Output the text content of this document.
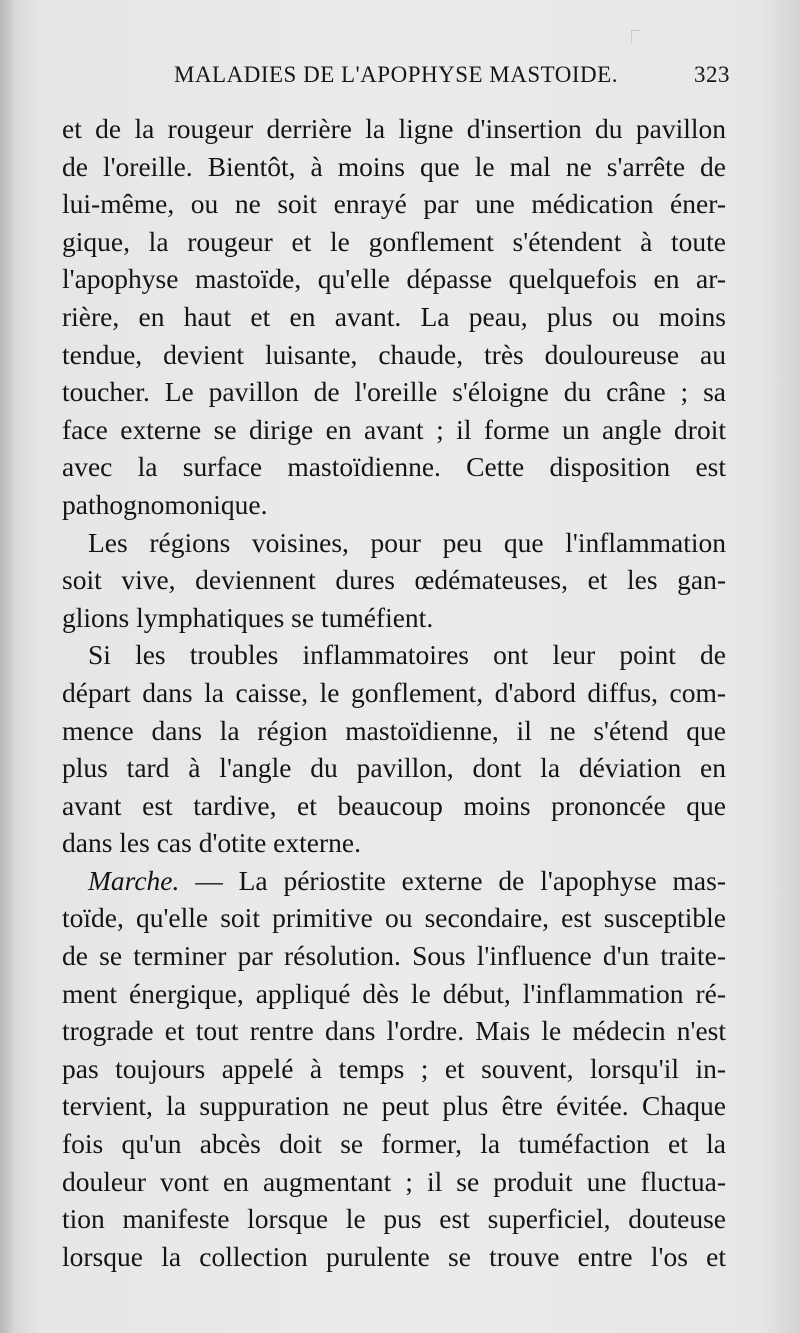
MALADIES DE L'APOPHYSE MASTOIDE.	323
et de la rougeur derrière la ligne d'insertion du pavillon
de l'oreille. Bientôt, à moins que le mal ne s'arrête de
lui-même, ou ne soit enrayé par une médication éner-
gique, la rougeur et le gonflement s'étendent à toute
l'apophyse mastoïde, qu'elle dépasse quelquefois en ar-
rière, en haut et en avant. La peau, plus ou moins
tendue, devient luisante, chaude, très douloureuse au
toucher. Le pavillon de l'oreille s'éloigne du crâne ; sa
face externe se dirige en avant ; il forme un angle droit
avec la surface mastoïdienne. Cette disposition est
pathognomonique.
Les régions voisines, pour peu que l'inflammation
soit vive, deviennent dures œdémateuses, et les gan-
glions lymphatiques se tuméfient.
Si les troubles inflammatoires ont leur point de
départ dans la caisse, le gonflement, d'abord diffus, com-
mence dans la région mastoïdienne, il ne s'étend que
plus tard à l'angle du pavillon, dont la déviation en
avant est tardive, et beaucoup moins prononcée que
dans les cas d'otite externe.
Marche. — La périostite externe de l'apophyse mas-
toïde, qu'elle soit primitive ou secondaire, est susceptible
de se terminer par résolution. Sous l'influence d'un traite-
ment énergique, appliqué dès le début, l'inflammation ré-
trograde et tout rentre dans l'ordre. Mais le médecin n'est
pas toujours appelé à temps ; et souvent, lorsqu'il in-
tervient, la suppuration ne peut plus être évitée. Chaque
fois qu'un abcès doit se former, la tuméfaction et la
douleur vont en augmentant ; il se produit une fluctua-
tion manifeste lorsque le pus est superficiel, douteuse
lorsque la collection purulente se trouve entre l'os et
